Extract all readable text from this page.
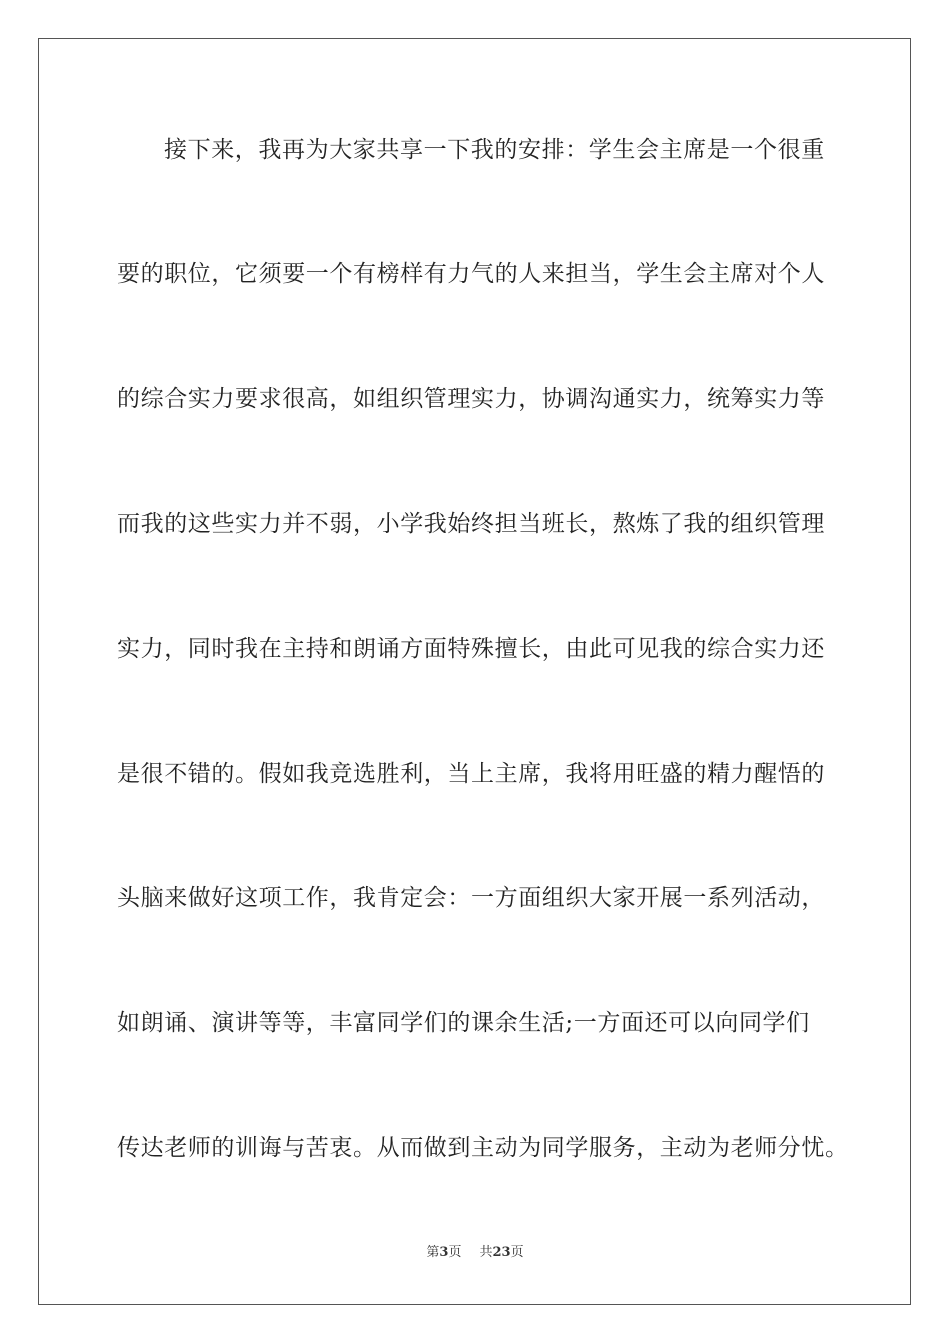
接下来，我再为大家共享一下我的安排：学生会主席是一个很重
要的职位，它须要一个有榜样有力气的人来担当，学生会主席对个人
的综合实力要求很高，如组织管理实力，协调沟通实力，统筹实力等
而我的这些实力并不弱，小学我始终担当班长，熬炼了我的组织管理
实力，同时我在主持和朗诵方面特殊擅长，由此可见我的综合实力还
是很不错的。假如我竞选胜利，当上主席，我将用旺盛的精力醒悟的
头脑来做好这项工作，我肯定会：一方面组织大家开展一系列活动，
如朗诵、演讲等等，丰富同学们的课余生活;一方面还可以向同学们
传达老师的训诲与苦衷。从而做到主动为同学服务，主动为老师分忧。
第3页 共23页
